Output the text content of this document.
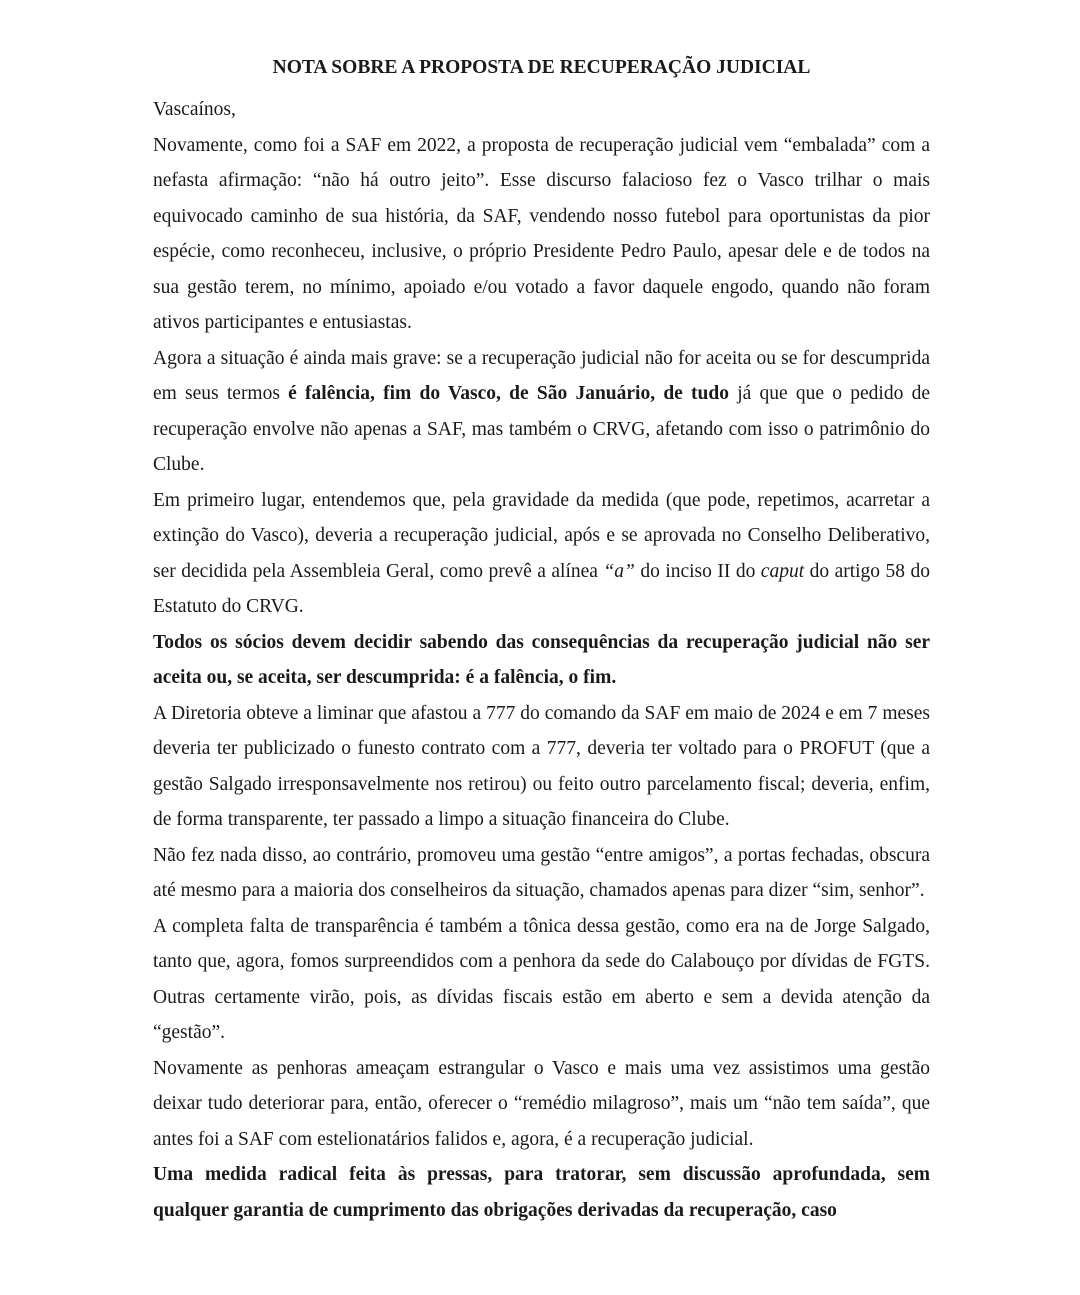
NOTA SOBRE A PROPOSTA DE RECUPERAÇÃO JUDICIAL

Vascaínos,

Novamente, como foi a SAF em 2022, a proposta de recuperação judicial vem “embalada” com a nefasta afirmação: “não há outro jeito”. Esse discurso falacioso fez o Vasco trilhar o mais equivocado caminho de sua história, da SAF, vendendo nosso futebol para oportunistas da pior espécie, como reconheceu, inclusive, o próprio Presidente Pedro Paulo, apesar dele e de todos na sua gestão terem, no mínimo, apoiado e/ou votado a favor daquele engodo, quando não foram ativos participantes e entusiastas.

Agora a situação é ainda mais grave: se a recuperação judicial não for aceita ou se for descumprida em seus termos é falência, fim do Vasco, de São Januário, de tudo já que que o pedido de recuperação envolve não apenas a SAF, mas também o CRVG, afetando com isso o patrimônio do Clube.

Em primeiro lugar, entendemos que, pela gravidade da medida (que pode, repetimos, acarretar a extinção do Vasco), deveria a recuperação judicial, após e se aprovada no Conselho Deliberativo, ser decidida pela Assembleia Geral, como prevê a alínea “a” do inciso II do caput do artigo 58 do Estatuto do CRVG.

Todos os sócios devem decidir sabendo das consequências da recuperação judicial não ser aceita ou, se aceita, ser descumprida: é a falência, o fim.

A Diretoria obteve a liminar que afastou a 777 do comando da SAF em maio de 2024 e em 7 meses deveria ter publicizado o funesto contrato com a 777, deveria ter voltado para o PROFUT (que a gestão Salgado irresponsavelmente nos retirou) ou feito outro parcelamento fiscal; deveria, enfim, de forma transparente, ter passado a limpo a situação financeira do Clube.

Não fez nada disso, ao contrário, promoveu uma gestão “entre amigos”, a portas fechadas, obscura até mesmo para a maioria dos conselheiros da situação, chamados apenas para dizer “sim, senhor”.

A completa falta de transparência é também a tônica dessa gestão, como era na de Jorge Salgado, tanto que, agora, fomos surpreendidos com a penhora da sede do Calabouço por dívidas de FGTS. Outras certamente virão, pois, as dívidas fiscais estão em aberto e sem a devida atenção da “gestão”.

Novamente as penhoras ameaçam estrangular o Vasco e mais uma vez assistimos uma gestão deixar tudo deteriorar para, então, oferecer o “remédio milagroso”, mais um “não tem saída”, que antes foi a SAF com estelionatários falidos e, agora, é a recuperação judicial.

Uma medida radical feita às pressas, para tratorar, sem discussão aprofundada, sem qualquer garantia de cumprimento das obrigações derivadas da recuperação, caso
